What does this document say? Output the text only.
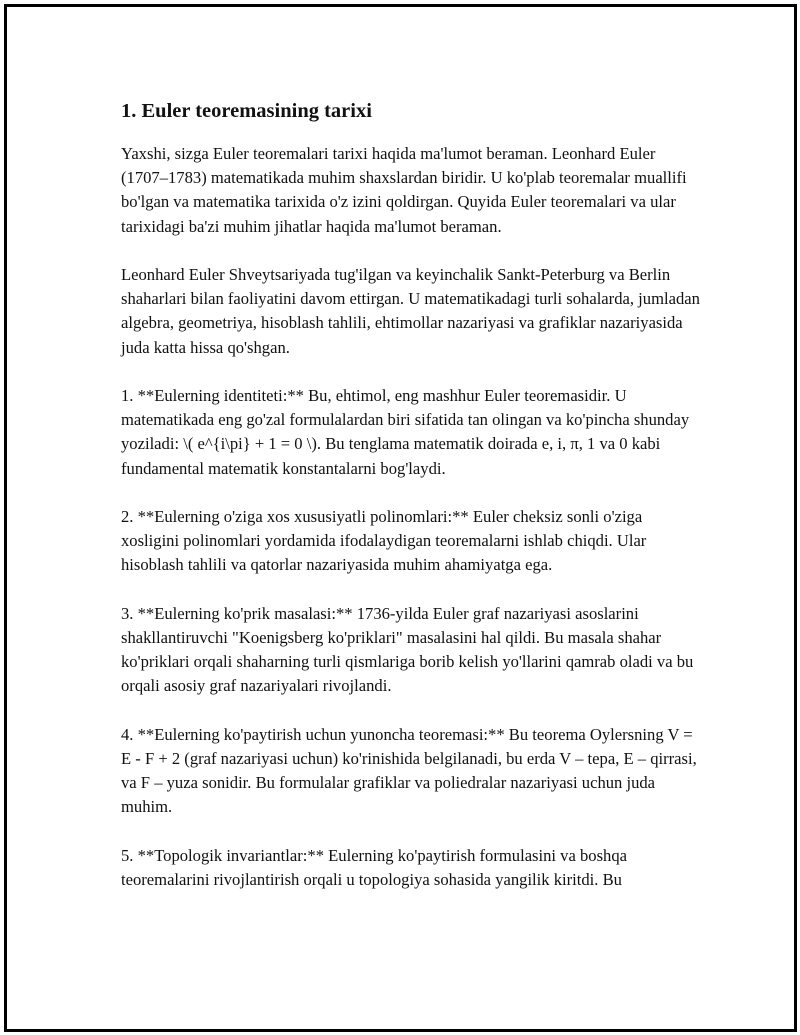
1. Euler teoremasining tarixi

Yaxshi, sizga Euler teoremalari tarixi haqida ma'lumot beraman. Leonhard Euler (1707–1783) matematikada muhim shaxslardan biridir. U ko'plab teoremalar muallifi bo'lgan va matematika tarixida o'z izini qoldirgan. Quyida Euler teoremalari va ular tarixidagi ba'zi muhim jihatlar haqida ma'lumot beraman.

Leonhard Euler Shveytsariyada tug'ilgan va keyinchalik Sankt-Peterburg va Berlin shaharlari bilan faoliyatini davom ettirgan. U matematikadagi turli sohalarda, jumladan algebra, geometriya, hisoblash tahlili, ehtimollar nazariyasi va grafiklar nazariyasida juda katta hissa qo'shgan.

1. **Eulerning identiteti:** Bu, ehtimol, eng mashhur Euler teoremasidir. U matematikada eng go'zal formulalardan biri sifatida tan olingan va ko'pincha shunday yoziladi: \( e^{i\pi} + 1 = 0 \). Bu tenglama matematik doirada e, i, π, 1 va 0 kabi fundamental matematik konstantalarni bog'laydi.

2. **Eulerning o'ziga xos xususiyatli polinomlari:** Euler cheksiz sonli o'ziga xosligini polinomlari yordamida ifodalaydigan teoremalarni ishlab chiqdi. Ular hisoblash tahlili va qatorlar nazariyasida muhim ahamiyatga ega.

3. **Eulerning ko'prik masalasi:** 1736-yilda Euler graf nazariyasi asoslarini shakllantiruvchi "Koenigsberg ko'priklari" masalasini hal qildi. Bu masala shahar ko'priklari orqali shaharning turli qismlariga borib kelish yo'llarini qamrab oladi va bu orqali asosiy graf nazariyalari rivojlandi.

4. **Eulerning ko'paytirish uchun yunoncha teoremasi:** Bu teorema Oylersning V = E - F + 2 (graf nazariyasi uchun) ko'rinishida belgilanadi, bu erda V – tepa, E – qirrasi, va F – yuza sonidir. Bu formulalar grafiklar va poliedralar nazariyasi uchun juda muhim.

5. **Topologik invariantlar:** Eulerning ko'paytirish formulasini va boshqa teoremalarini rivojlantirish orqali u topologiya sohasida yangilik kiritdi. Bu
